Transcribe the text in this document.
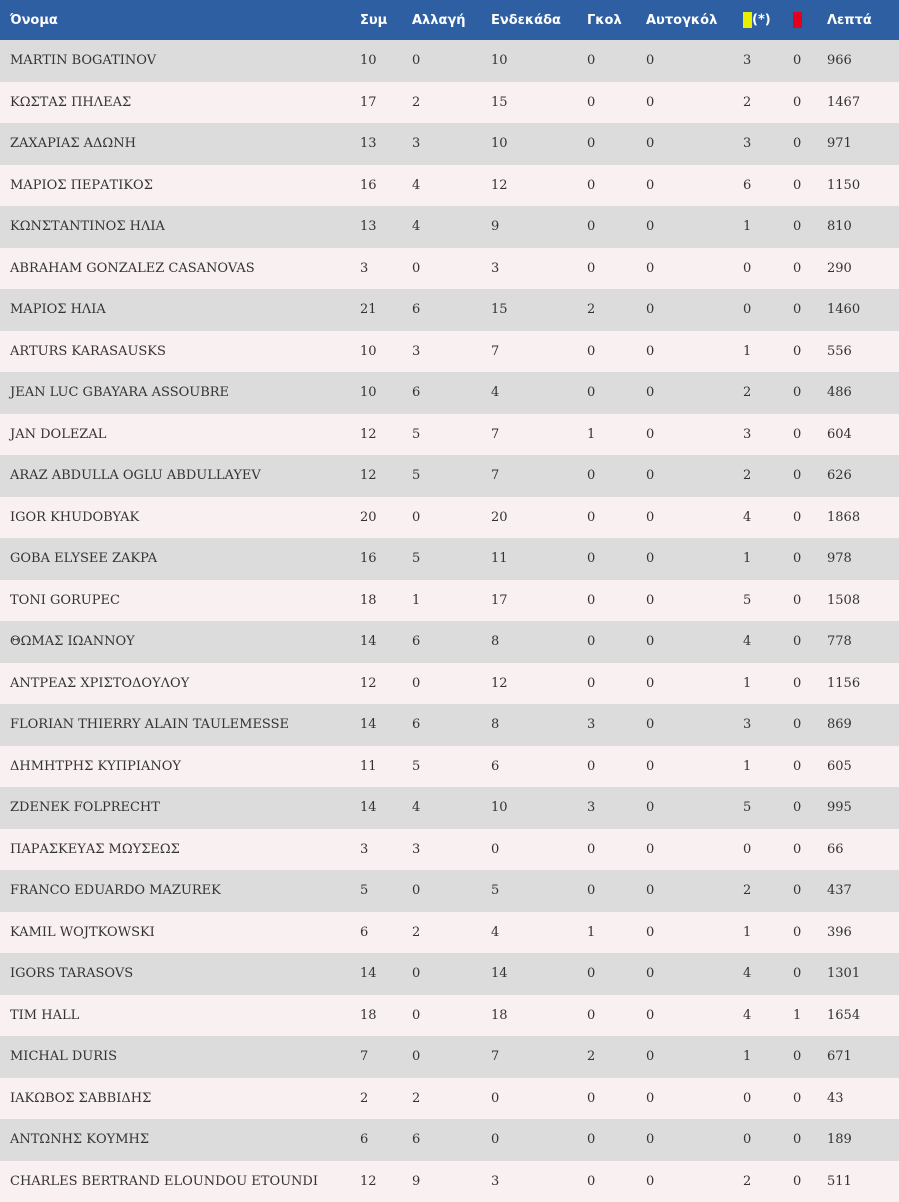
Όνομα	Συμ	Αλλαγή	Ενδεκάδα	Γκολ	Αυτογκόλ	(*)		Λεπτά
MARTIN BOGATINOV	10	0	10	0	0	3	0	966
ΚΩΣΤΑΣ ΠΗΛΕΑΣ	17	2	15	0	0	2	0	1467
ΖΑΧΑΡΙΑΣ ΑΔΩΝΗ	13	3	10	0	0	3	0	971
ΜΑΡΙΟΣ ΠΕΡΑΤΙΚΟΣ	16	4	12	0	0	6	0	1150
ΚΩΝΣΤΑΝΤΙΝΟΣ ΗΛΙΑ	13	4	9	0	0	1	0	810
ABRAHAM GONZALEZ CASANOVAS	3	0	3	0	0	0	0	290
ΜΑΡΙΟΣ ΗΛΙΑ	21	6	15	2	0	0	0	1460
ARTURS KARASAUSKS	10	3	7	0	0	1	0	556
JEAN LUC GBAYARA ASSOUBRE	10	6	4	0	0	2	0	486
JAN DOLEZAL	12	5	7	1	0	3	0	604
ARAZ ABDULLA OGLU ABDULLAYEV	12	5	7	0	0	2	0	626
IGOR KHUDOBYAK	20	0	20	0	0	4	0	1868
GOBA ELYSEE ZAKPA	16	5	11	0	0	1	0	978
TONI GORUPEC	18	1	17	0	0	5	0	1508
ΘΩΜΑΣ ΙΩΑΝΝΟΥ	14	6	8	0	0	4	0	778
ΑΝΤΡΕΑΣ ΧΡΙΣΤΟΔΟΥΛΟΥ	12	0	12	0	0	1	0	1156
FLORIAN THIERRY ALAIN TAULEMESSE	14	6	8	3	0	3	0	869
ΔΗΜΗΤΡΗΣ ΚΥΠΡΙΑΝΟΥ	11	5	6	0	0	1	0	605
ZDENEK FOLPRECHT	14	4	10	3	0	5	0	995
ΠΑΡΑΣΚΕΥΑΣ ΜΩΥΣΕΩΣ	3	3	0	0	0	0	0	66
FRANCO EDUARDO MAZUREK	5	0	5	0	0	2	0	437
KAMIL WOJTKOWSKI	6	2	4	1	0	1	0	396
IGORS TARASOVS	14	0	14	0	0	4	0	1301
TIM HALL	18	0	18	0	0	4	1	1654
MICHAL DURIS	7	0	7	2	0	1	0	671
ΙΑΚΩΒΟΣ ΣΑΒΒΙΔΗΣ	2	2	0	0	0	0	0	43
ΑΝΤΩΝΗΣ ΚΟΥΜΗΣ	6	6	0	0	0	0	0	189
CHARLES BERTRAND ELOUNDOU ETOUNDI	12	9	3	0	0	2	0	511
